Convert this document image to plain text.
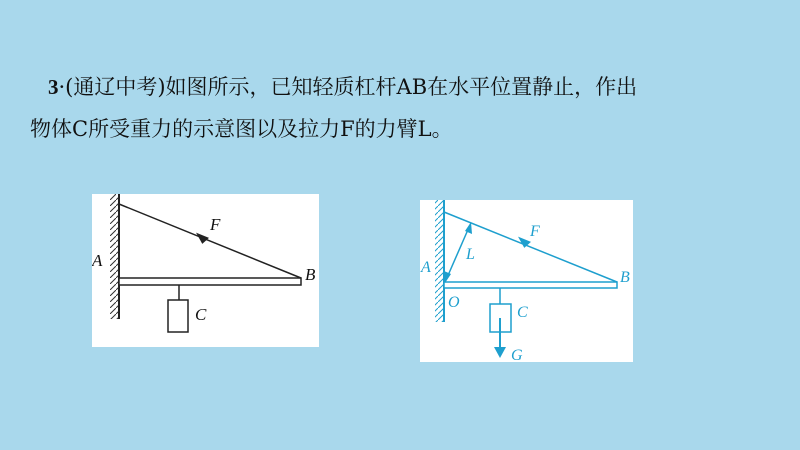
3·(通辽中考)如图所示，已知轻质杠杆AB在水平位置静止，作出
物体C所受重力的示意图以及拉力F的力臂L。

F
A
B
C
F
L
A
B
O
C
G
